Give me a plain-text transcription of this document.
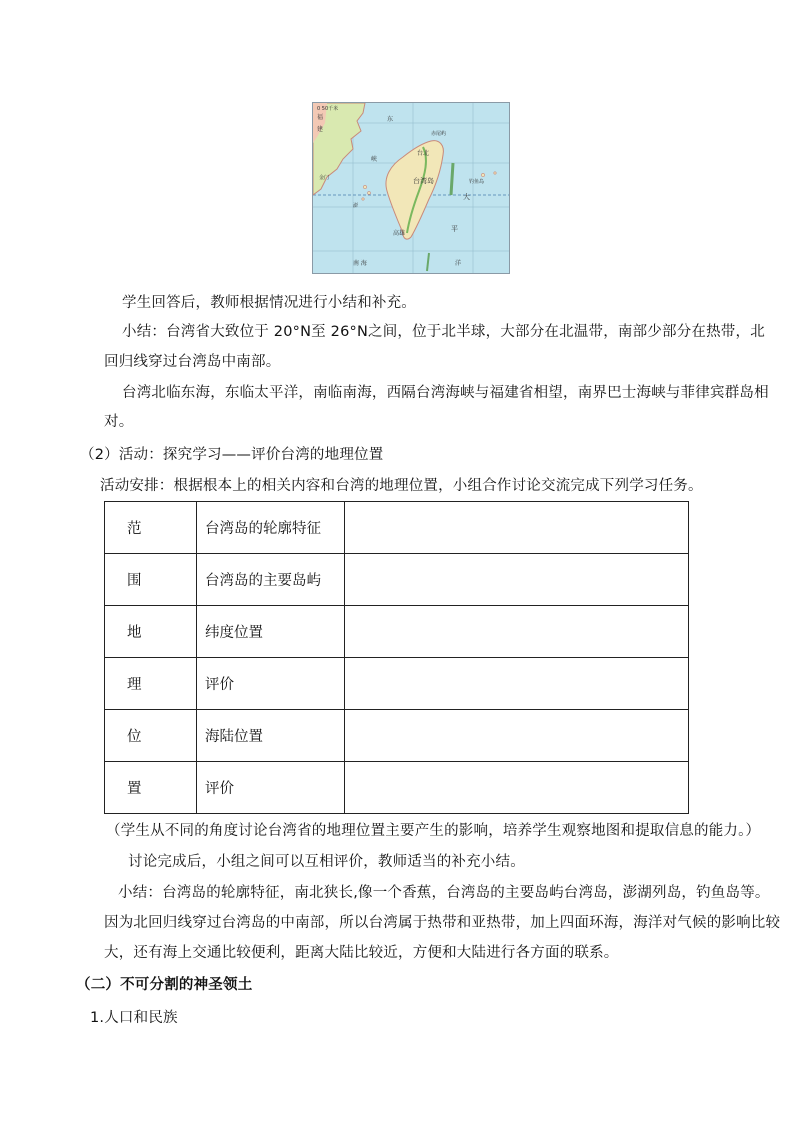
台湾岛
台北
高雄
东
峡
大
平
南 海	洋
金门
福
建
澎
钓鱼岛
赤尾屿
0 50千米
学生回答后，教师根据情况进行小结和补充。
小结：台湾省大致位于 20°N至 26°N之间，位于北半球，大部分在北温带，南部少部分在热带，北
回归线穿过台湾岛中南部。
台湾北临东海，东临太平洋，南临南海，西隔台湾海峡与福建省相望，南界巴士海峡与菲律宾群岛相
对。
（2）活动：探究学习——评价台湾的地理位置
活动安排：根据根本上的相关内容和台湾的地理位置，小组合作讨论交流完成下列学习任务。
范	台湾岛的轮廓特征	
围	台湾岛的主要岛屿	
地	纬度位置	
理	评价	
位	海陆位置	
置	评价	
（学生从不同的角度讨论台湾省的地理位置主要产生的影响，培养学生观察地图和提取信息的能力。）
讨论完成后，小组之间可以互相评价，教师适当的补充小结。
小结：台湾岛的轮廓特征，南北狭长,像一个香蕉，台湾岛的主要岛屿台湾岛，澎湖列岛，钓鱼岛等。
因为北回归线穿过台湾岛的中南部，所以台湾属于热带和亚热带，加上四面环海，海洋对气候的影响比较
大，还有海上交通比较便利，距离大陆比较近，方便和大陆进行各方面的联系。
（二）不可分割的神圣领土
1.人口和民族
